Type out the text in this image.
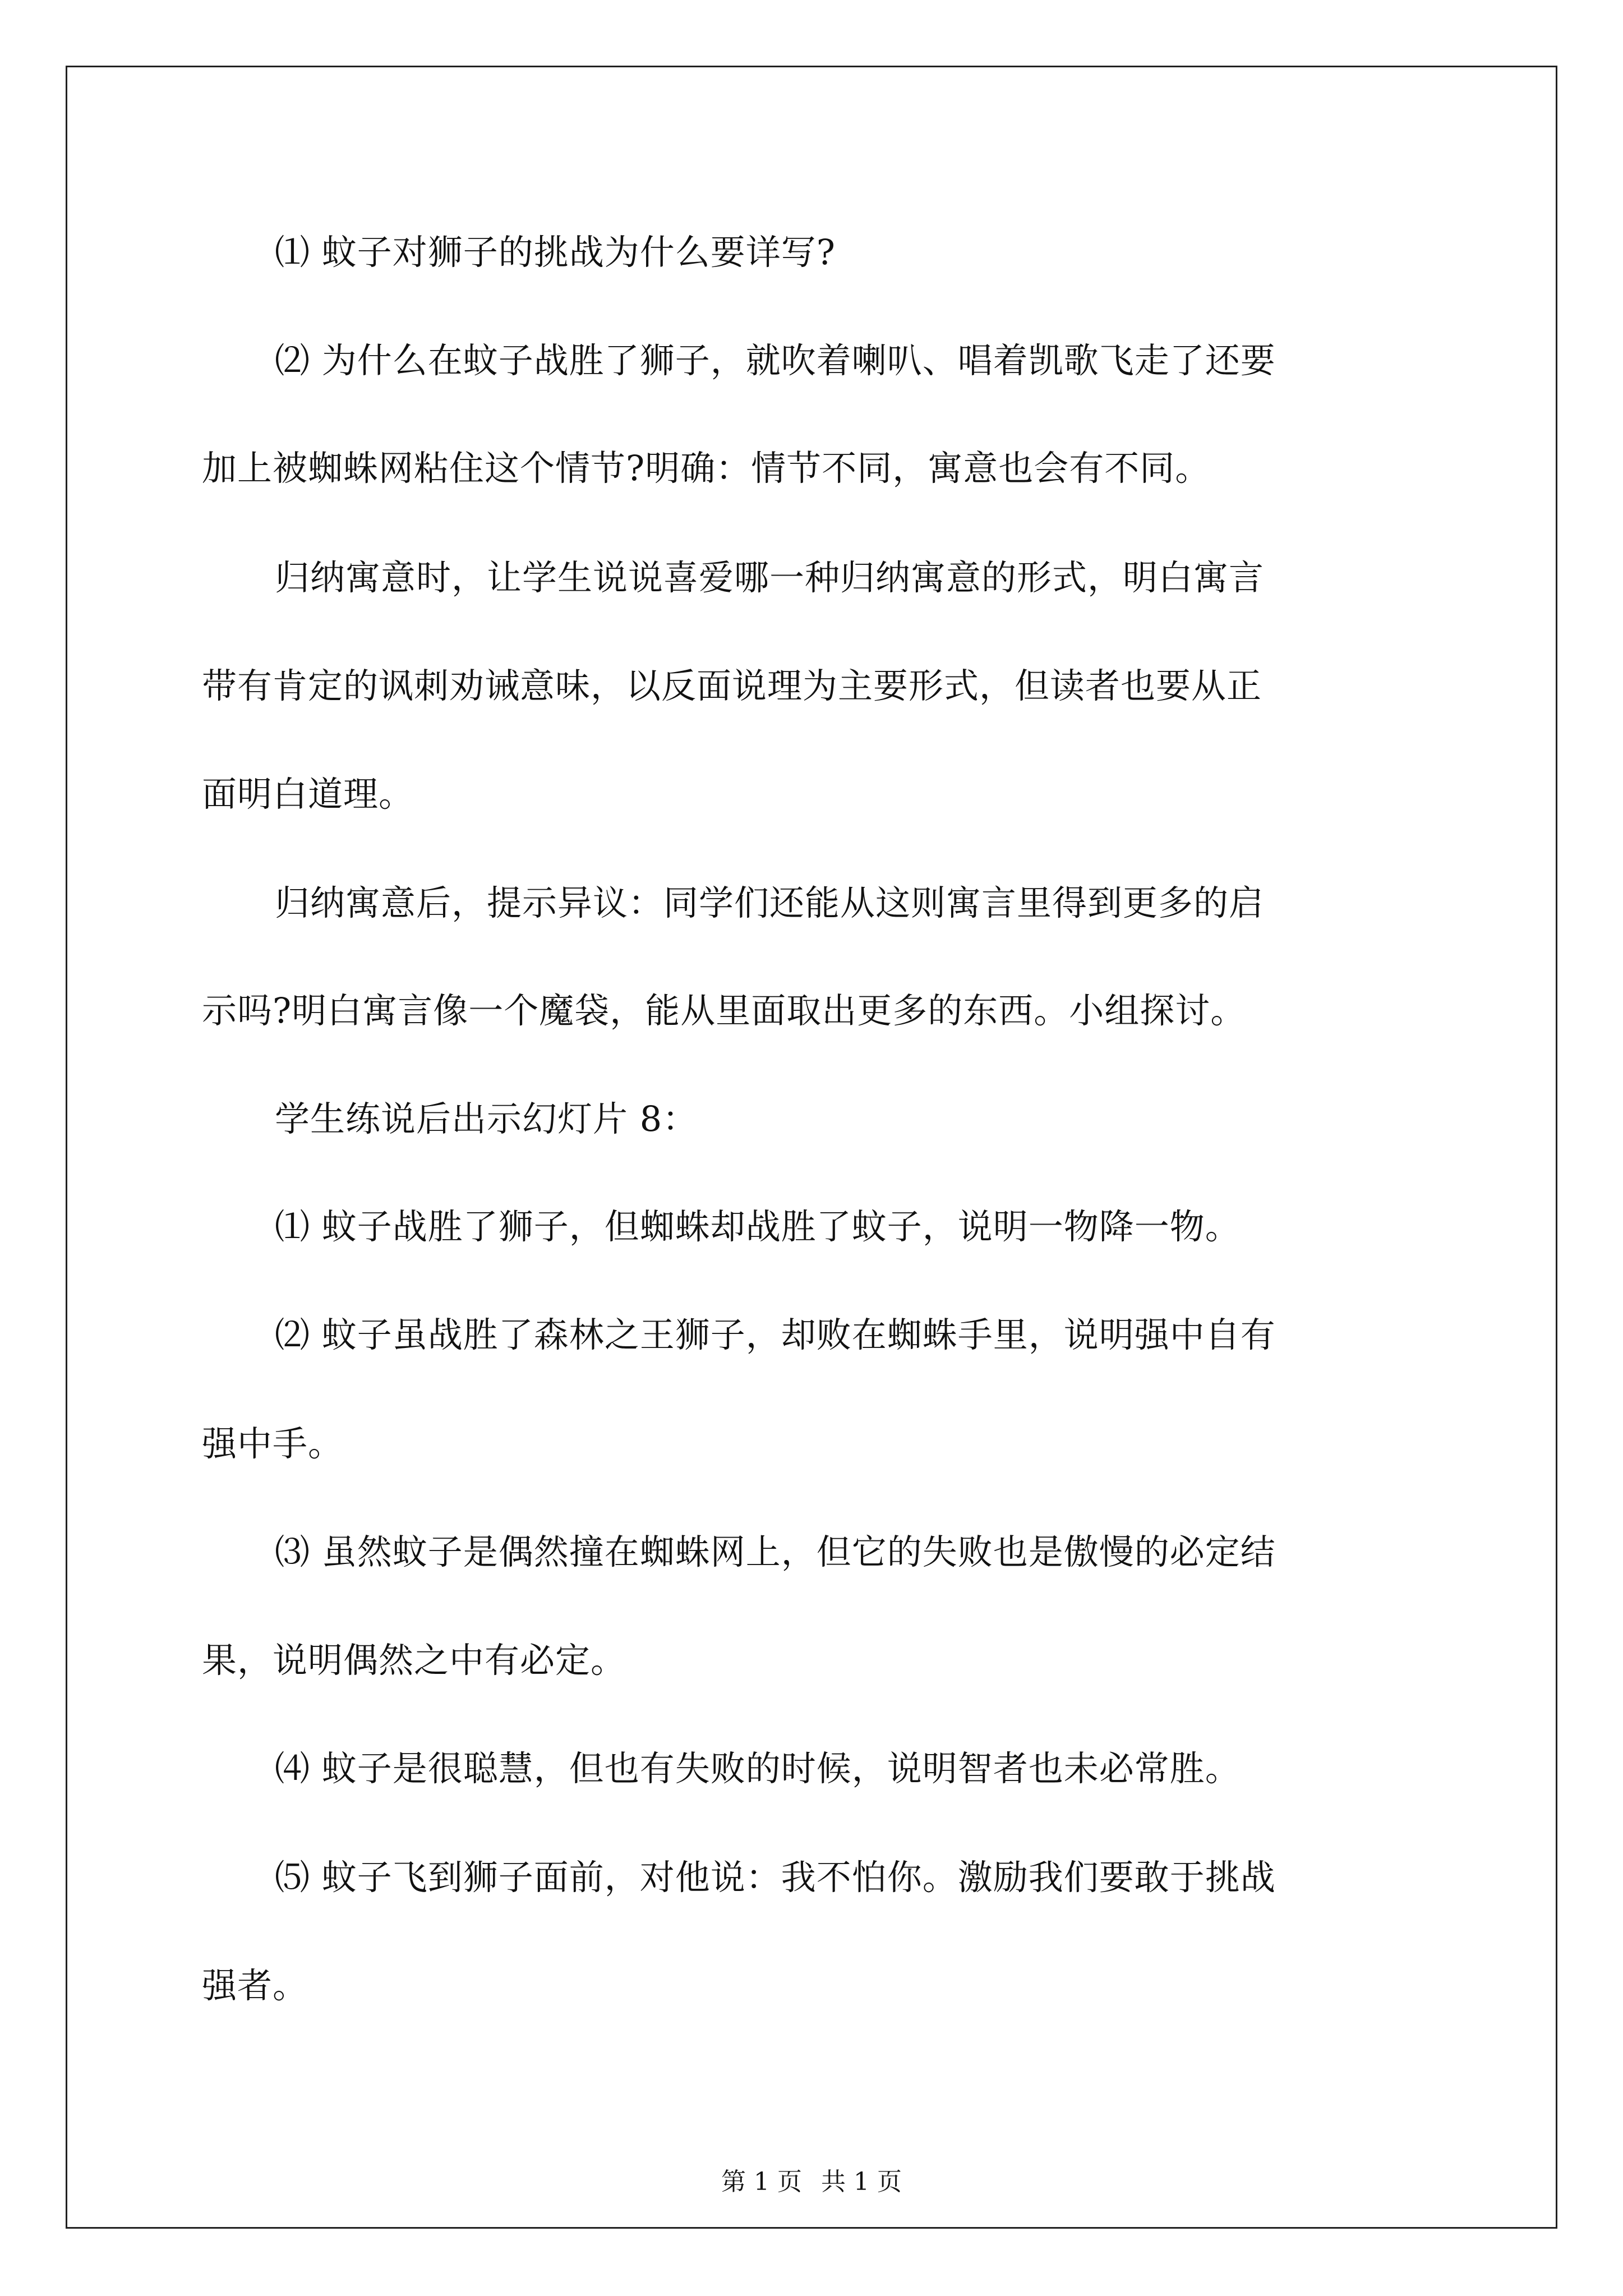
⑴ 蚊子对狮子的挑战为什么要详写?
⑵ 为什么在蚊子战胜了狮子，就吹着喇叭、唱着凯歌飞走了还要
加上被蜘蛛网粘住这个情节?明确：情节不同，寓意也会有不同。
归纳寓意时，让学生说说喜爱哪一种归纳寓意的形式，明白寓言
带有肯定的讽刺劝诫意味，以反面说理为主要形式，但读者也要从正
面明白道理。
归纳寓意后，提示异议：同学们还能从这则寓言里得到更多的启
示吗?明白寓言像一个魔袋，能从里面取出更多的东西。小组探讨。
学生练说后出示幻灯片 8：
⑴ 蚊子战胜了狮子，但蜘蛛却战胜了蚊子，说明一物降一物。
⑵ 蚊子虽战胜了森林之王狮子，却败在蜘蛛手里，说明强中自有
强中手。
⑶ 虽然蚊子是偶然撞在蜘蛛网上，但它的失败也是傲慢的必定结
果，说明偶然之中有必定。
⑷ 蚊子是很聪慧，但也有失败的时候，说明智者也未必常胜。
⑸ 蚊子飞到狮子面前，对他说：我不怕你。激励我们要敢于挑战
强者。
第 1 页 共 1 页
